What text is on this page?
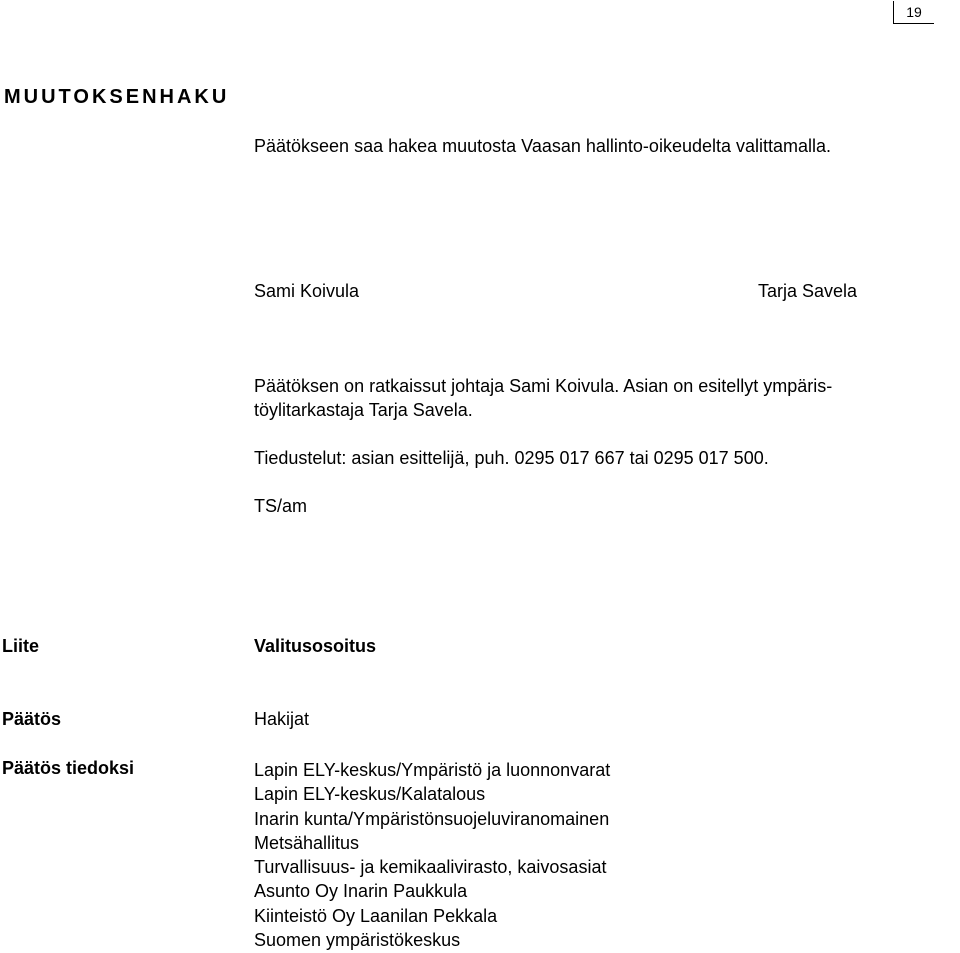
19
MUUTOKSENHAKU
Päätökseen saa hakea muutosta Vaasan hallinto-oikeudelta valittamalla.
Sami Koivula	Tarja Savela
Päätöksen on ratkaissut johtaja Sami Koivula. Asian on esitellyt ympäris-
töylitarkastaja Tarja Savela.
Tiedustelut: asian esittelijä, puh. 0295 017 667 tai 0295 017 500.
TS/am
Liite	Valitusosoitus
Päätös	Hakijat
Päätös tiedoksi	Lapin ELY-keskus/Ympäristö ja luonnonvarat
Lapin ELY-keskus/Kalatalous
Inarin kunta/Ympäristönsuojeluviranomainen
Metsähallitus
Turvallisuus- ja kemikaalivirasto, kaivosasiat
Asunto Oy Inarin Paukkula
Kiinteistö Oy Laanilan Pekkala
Suomen ympäristökeskus
